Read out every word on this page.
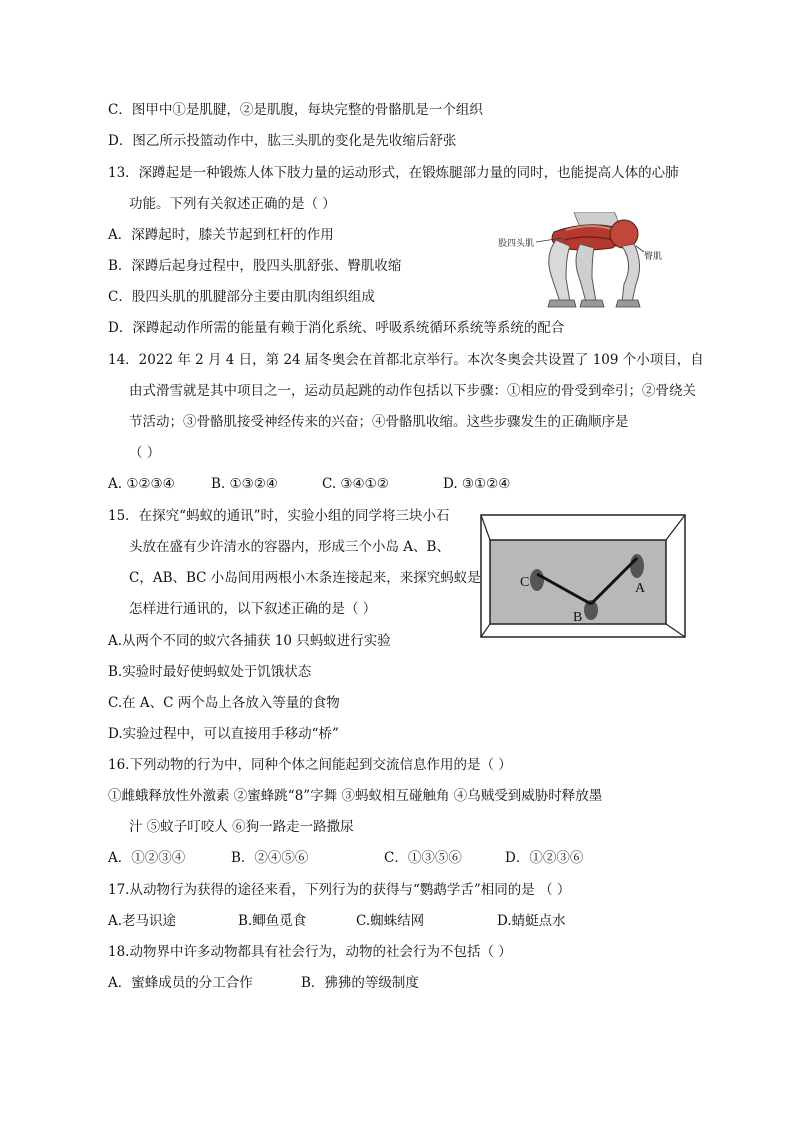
C．图甲中①是肌腱，②是肌腹，每块完整的骨骼肌是一个组织
D．图乙所示投篮动作中，肱三头肌的变化是先收缩后舒张
13．深蹲起是一种锻炼人体下肢力量的运动形式，在锻炼腿部力量的同时，也能提高人体的心肺
功能。下列有关叙述正确的是（ ）
A．深蹲起时，膝关节起到杠杆的作用
B．深蹲后起身过程中，股四头肌舒张、臀肌收缩
C．股四头肌的肌腱部分主要由肌肉组织组成
D．深蹲起动作所需的能量有赖于消化系统、呼吸系统循环系统等系统的配合
股四头肌
臀肌
14．2022 年 2 月 4 日，第 24 届冬奥会在首都北京举行。本次冬奥会共设置了 109 个小项目，自
由式滑雪就是其中项目之一，运动员起跳的动作包括以下步骤：①相应的骨受到牵引；②骨绕关
节活动；③骨骼肌接受神经传来的兴奋；④骨骼肌收缩。这些步骤发生的正确顺序是
（ ）
A. ①②③④	B. ①③②④	C. ③④①②	D. ③①②④
15．在探究“蚂蚁的通讯”时，实验小组的同学将三块小石
头放在盛有少许清水的容器内，形成三个小岛 A、B、
C，AB、BC 小岛间用两根小木条连接起来，来探究蚂蚁是
怎样进行通讯的，以下叙述正确的是（ ）
C
B
A
A.从两个不同的蚁穴各捕获 10 只蚂蚁进行实验
B.实验时最好使蚂蚁处于饥饿状态
C.在 A、C 两个岛上各放入等量的食物
D.实验过程中，可以直接用手移动“桥”
16.下列动物的行为中，同种个体之间能起到交流信息作用的是（ ）
①雌蛾释放性外激素 ②蜜蜂跳“8”字舞 ③蚂蚁相互碰触角 ④乌贼受到威胁时释放墨
汁 ⑤蚊子叮咬人 ⑥狗一路走一路撒尿
A．①②③④	B．②④⑤⑥	C．①③⑤⑥	D．①②③⑥
17.从动物行为获得的途径来看，下列行为的获得与“鹦鹉学舌”相同的是 （ ）
A.老马识途	B.鲫鱼觅食	C.蜘蛛结网	D.蜻蜓点水
18.动物界中许多动物都具有社会行为，动物的社会行为不包括（ ）
A．蜜蜂成员的分工合作	B．狒狒的等级制度
